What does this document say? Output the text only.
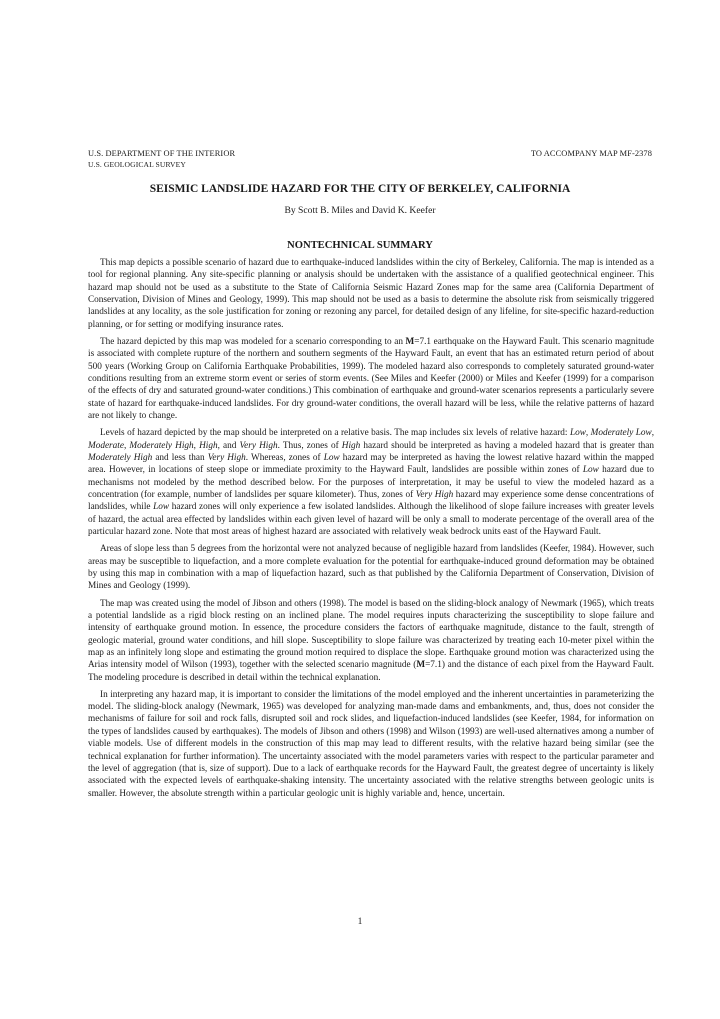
U.S. DEPARTMENT OF THE INTERIOR
U.S. GEOLOGICAL SURVEY
TO ACCOMPANY MAP MF-2378
SEISMIC LANDSLIDE HAZARD FOR THE CITY OF BERKELEY, CALIFORNIA
By Scott B. Miles and David K. Keefer
NONTECHNICAL SUMMARY

This map depicts a possible scenario of hazard due to earthquake-induced landslides within the city of Berkeley, California. The map is intended as a tool for regional planning. Any site-specific planning or analysis should be undertaken with the assistance of a qualified geotechnical engineer. This hazard map should not be used as a substitute to the State of California Seismic Hazard Zones map for the same area (California Department of Conservation, Division of Mines and Geology, 1999). This map should not be used as a basis to determine the absolute risk from seismically triggered landslides at any locality, as the sole justification for zoning or rezoning any parcel, for detailed design of any lifeline, for site-specific hazard-reduction planning, or for setting or modifying insurance rates.

The hazard depicted by this map was modeled for a scenario corresponding to an M=7.1 earthquake on the Hayward Fault. This scenario magnitude is associated with complete rupture of the northern and southern segments of the Hayward Fault, an event that has an estimated return period of about 500 years (Working Group on California Earthquake Probabilities, 1999). The modeled hazard also corresponds to completely saturated ground-water conditions resulting from an extreme storm event or series of storm events. (See Miles and Keefer (2000) or Miles and Keefer (1999) for a comparison of the effects of dry and saturated ground-water conditions.) This combination of earthquake and ground-water scenarios represents a particularly severe state of hazard for earthquake-induced landslides. For dry ground-water conditions, the overall hazard will be less, while the relative patterns of hazard are not likely to change.

Levels of hazard depicted by the map should be interpreted on a relative basis. The map includes six levels of relative hazard: Low, Moderately Low, Moderate, Moderately High, High, and Very High. Thus, zones of High hazard should be interpreted as having a modeled hazard that is greater than Moderately High and less than Very High. Whereas, zones of Low hazard may be interpreted as having the lowest relative hazard within the mapped area. However, in locations of steep slope or immediate proximity to the Hayward Fault, landslides are possible within zones of Low hazard due to mechanisms not modeled by the method described below. For the purposes of interpretation, it may be useful to view the modeled hazard as a concentration (for example, number of landslides per square kilometer). Thus, zones of Very High hazard may experience some dense concentrations of landslides, while Low hazard zones will only experience a few isolated landslides. Although the likelihood of slope failure increases with greater levels of hazard, the actual area effected by landslides within each given level of hazard will be only a small to moderate percentage of the overall area of the particular hazard zone. Note that most areas of highest hazard are associated with relatively weak bedrock units east of the Hayward Fault.

Areas of slope less than 5 degrees from the horizontal were not analyzed because of negligible hazard from landslides (Keefer, 1984). However, such areas may be susceptible to liquefaction, and a more complete evaluation for the potential for earthquake-induced ground deformation may be obtained by using this map in combination with a map of liquefaction hazard, such as that published by the California Department of Conservation, Division of Mines and Geology (1999).

The map was created using the model of Jibson and others (1998). The model is based on the sliding-block analogy of Newmark (1965), which treats a potential landslide as a rigid block resting on an inclined plane. The model requires inputs characterizing the susceptibility to slope failure and intensity of earthquake ground motion. In essence, the procedure considers the factors of earthquake magnitude, distance to the fault, strength of geologic material, ground water conditions, and hill slope. Susceptibility to slope failure was characterized by treating each 10-meter pixel within the map as an infinitely long slope and estimating the ground motion required to displace the slope. Earthquake ground motion was characterized using the Arias intensity model of Wilson (1993), together with the selected scenario magnitude (M=7.1) and the distance of each pixel from the Hayward Fault. The modeling procedure is described in detail within the technical explanation.

In interpreting any hazard map, it is important to consider the limitations of the model employed and the inherent uncertainties in parameterizing the model. The sliding-block analogy (Newmark, 1965) was developed for analyzing man-made dams and embankments, and, thus, does not consider the mechanisms of failure for soil and rock falls, disrupted soil and rock slides, and liquefaction-induced landslides (see Keefer, 1984, for information on the types of landslides caused by earthquakes). The models of Jibson and others (1998) and Wilson (1993) are well-used alternatives among a number of viable models. Use of different models in the construction of this map may lead to different results, with the relative hazard being similar (see the technical explanation for further information). The uncertainty associated with the model parameters varies with respect to the particular parameter and the level of aggregation (that is, size of support). Due to a lack of earthquake records for the Hayward Fault, the greatest degree of uncertainty is likely associated with the expected levels of earthquake-shaking intensity. The uncertainty associated with the relative strengths between geologic units is smaller. However, the absolute strength within a particular geologic unit is highly variable and, hence, uncertain.

1
